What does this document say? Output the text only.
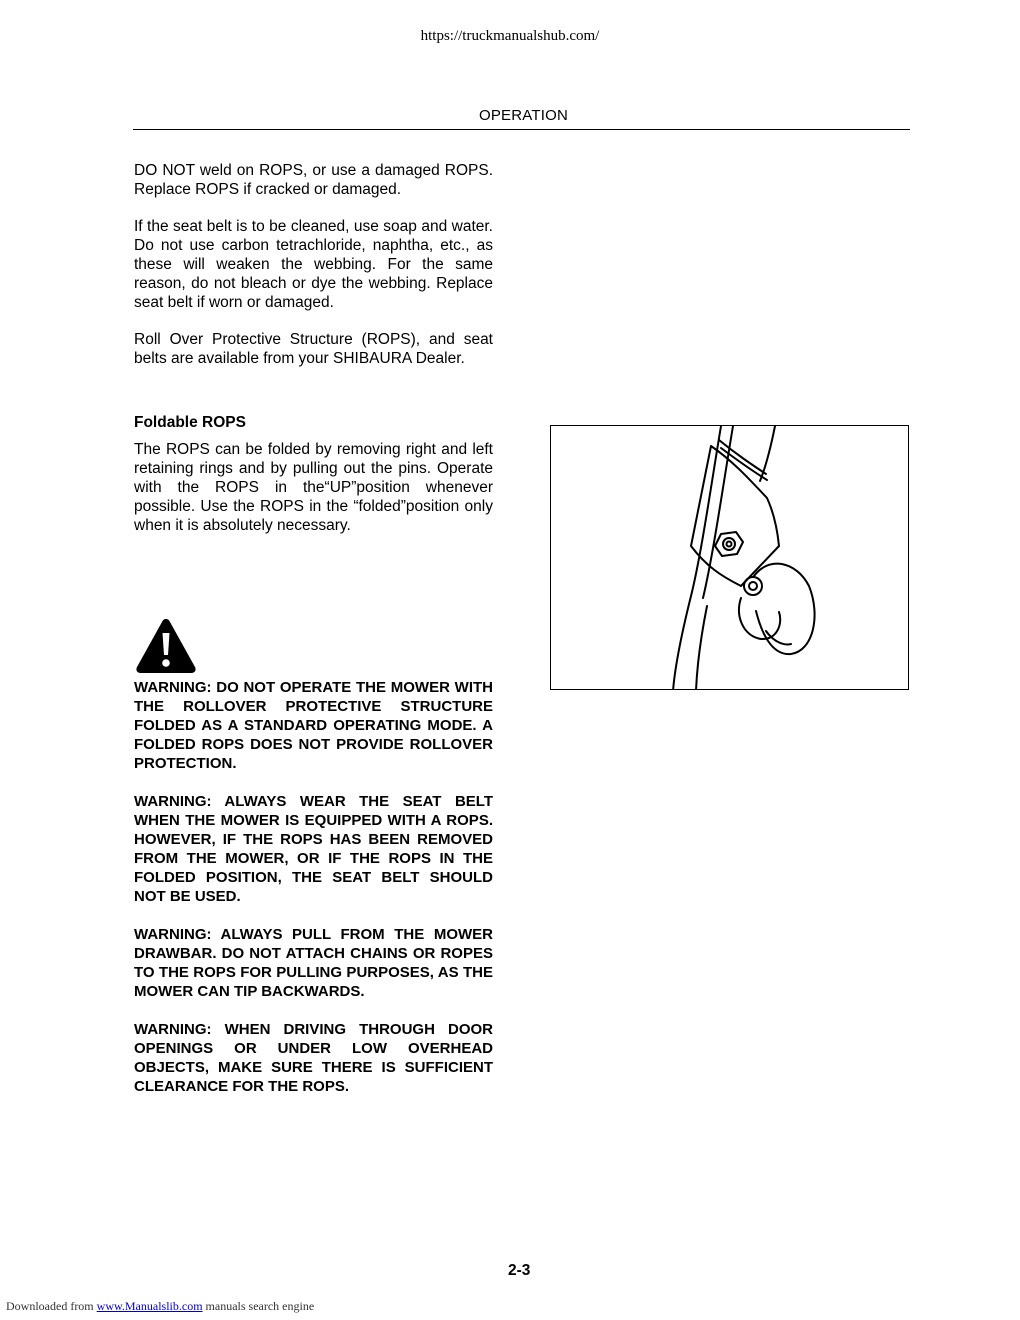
https://truckmanualshub.com/
OPERATION

DO NOT weld on ROPS, or use a damaged ROPS. Replace ROPS if cracked or damaged.

If the seat belt is to be cleaned, use soap and water. Do not use carbon tetrachloride, naphtha, etc., as these will weaken the webbing. For the same reason, do not bleach or dye the webbing. Replace seat belt if worn or damaged.

Roll Over Protective Structure (ROPS), and seat belts are available from your SHIBAURA Dealer.

Foldable ROPS

The ROPS can be folded by removing right and left retaining rings and by pulling out the pins. Operate with the ROPS in the“UP”position whenever possible. Use the ROPS in the “folded”position only when it is absolutely necessary.

WARNING: DO NOT OPERATE THE MOWER WITH THE ROLLOVER PROTECTIVE STRUCTURE FOLDED AS A STANDARD OPERATING MODE. A FOLDED ROPS DOES NOT PROVIDE ROLLOVER PROTECTION.

WARNING: ALWAYS WEAR THE SEAT BELT WHEN THE MOWER IS EQUIPPED WITH A ROPS. HOWEVER, IF THE ROPS HAS BEEN REMOVED FROM THE MOWER, OR IF THE ROPS IN THE FOLDED POSITION, THE SEAT BELT SHOULD NOT BE USED.

WARNING: ALWAYS PULL FROM THE MOWER DRAWBAR. DO NOT ATTACH CHAINS OR ROPES TO THE ROPS FOR PULLING PURPOSES, AS THE MOWER CAN TIP BACKWARDS.

WARNING: WHEN DRIVING THROUGH DOOR OPENINGS OR UNDER LOW OVERHEAD OBJECTS, MAKE SURE THERE IS SUFFICIENT CLEARANCE FOR THE ROPS.

2-3
Downloaded from www.Manualslib.com manuals search engine
